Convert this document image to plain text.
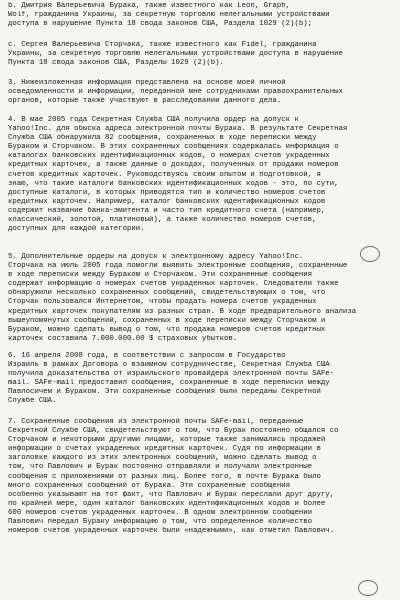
b. Дмитрия Валерьевича Бурака, также известного как Leon, Graph,
Wolf, гражданина Украины, за секретную торговлю нелегальными устройствами
доступа в нарушение Пункта 18 свода законов США, Раздела 1029 (2)(b);
c. Сергея Валерьевича Сторчака, также известного как Fidel, гражданина
Украины, за секретную торговлю нелегальными устройствами доступа в нарушение
Пункта 18 свода законов США, Разделы 1029 (2)(b).
3. Нижеизложенная информация представлена на основе моей личной
осведомленности и информации, переданной мне сотрудниками правоохранительных
органов, которые также участвуют в расследовании данного дела.
4. В мае 2005 года Секретная Служба США получила ордер на допуск к
Yahoo!Inc. для обыска адреса электронной почты Бурака. В результате Секретная
Служба США обнаружила 82 сообщения, сохраненных в ходе переписки между
Бураком и Сторчаком. В этих сохраненных сообщениях содержалась информация о
каталогах банковских идентификационных кодов, о номерах счетов украденных
кредитных карточек, а также данные о доходах, полученных от продажи номеров
счетов кредитных карточек. Руководствуясь своим опытом и подготовкой, я
знаю, что такие каталоги банковских идентификационных кодов - это, по сути,
доступные каталоги, в которых приводятся тип и количество номеров счетов
кредитных карточек. Например, каталог банковских идентификационных кодов
содержит название банка-эмитента и часто тип кредитного счета (например,
классический, золотой, платиновый), а также количество номеров счетов,
доступных для каждой категории.
5. Дополнительные ордеры на допуск к электронному адресу Yahoo!Inc.
Сторчака на июль 2005 года помогли выявить электронные сообщения, сохраненные
в ходе переписки между Бураком и Сторчаком. Эти сохраненные сообщения
содержат информацию о номерах счетов украденных карточек. Следователи также
обнаружили несколько сохраненных сообщений, свидетельствующих о том, что
Сторчак пользовался Интернетом, чтобы продать номера счетов украденных
кредитных карточек покупателям из разных стран. В ходе предварительного анализа
вышеупомянутых сообщений, сохраненных в ходе переписки между Сторчаком и
Бураком, можно сделать вывод о том, что продажа номеров счетов кредитных
карточек составила 7.000.000.00 $ страховых убытков.
6. 16 апреля 2008 года, в соответствии с запросом в Государство
Израиль в рамках Договора о взаимном сотрудничестве, Секретная Служба США
получила доказательства от израильского провайдера электронной почты SAFe-
mail. SAFe-mail предоставил сообщения, сохраненные в ходе переписки между
Павлосичем и Бураком. Эти сохраненные сообщения были переданы Секретной
Службе США.
7. Сохраненные сообщения из электронной почты SAFe-mail, переданные
Секретной Службе США, свидетельствуют о том, что Бурак постоянно общался со
Сторчаком и некоторыми другими лицами, которые также занимались продажей
информации о счетах украденных кредитных карточек. Судя по информации в
заголовке каждого из этих электронных сообщений, можно сделать вывод о
том, что Павлович и Бурак постоянно отправляли и получали электронные
сообщения с приложениями от разных лиц. Более того, в почте Бурака было
много сохраненных сообщений от Бурака. Эти сохраненные сообщения
особенно указывают на тот факт, что Павлович и Бурак переслали друг другу,
по крайней мере, один каталог банковских идентификационных кодов и более
600 номеров счетов украденных карточек. В одном электронном сообщении
Павлович передал Бураку информацию о том, что определенное количество
номеров счетов украденных карточек были «надежными», как отметил Павлович.
